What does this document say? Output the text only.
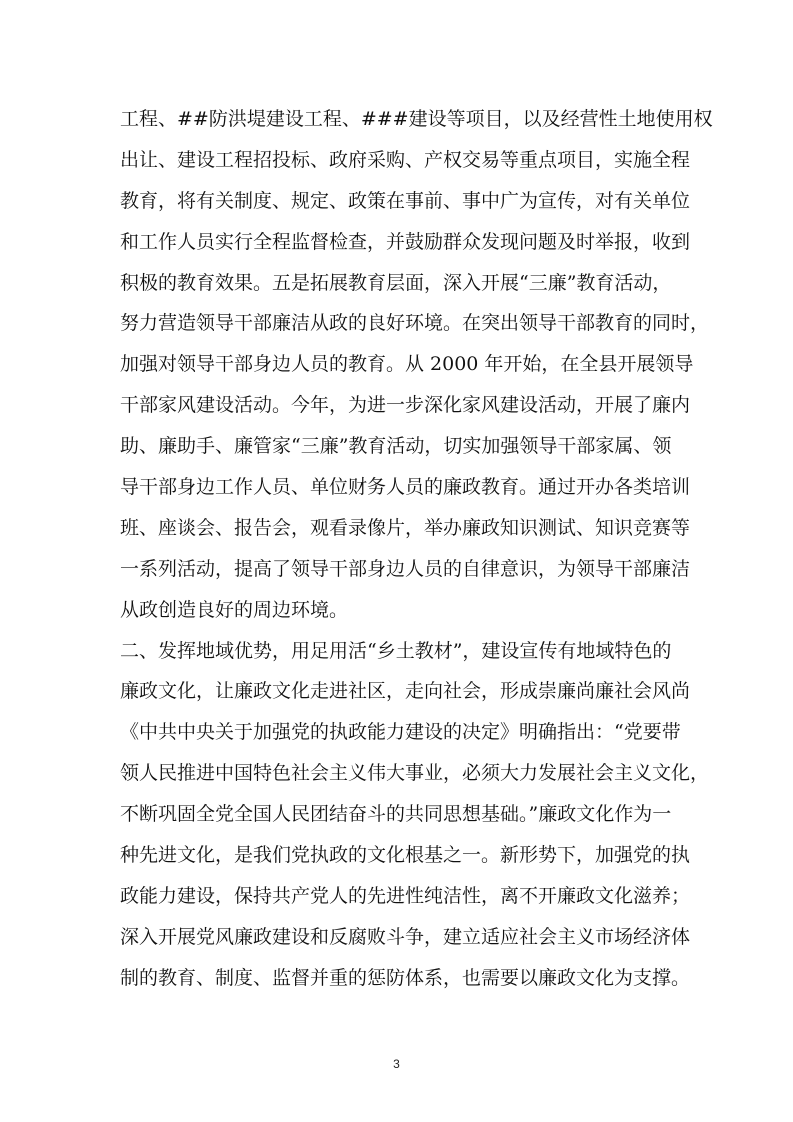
工程、##防洪堤建设工程、###建设等项目，以及经营性土地使用权
出让、建设工程招投标、政府采购、产权交易等重点项目，实施全程
教育，将有关制度、规定、政策在事前、事中广为宣传，对有关单位
和工作人员实行全程监督检查，并鼓励群众发现问题及时举报，收到
积极的教育效果。五是拓展教育层面，深入开展“三廉”教育活动，
努力营造领导干部廉洁从政的良好环境。在突出领导干部教育的同时，
加强对领导干部身边人员的教育。从 2000 年开始，在全县开展领导
干部家风建设活动。今年，为进一步深化家风建设活动，开展了廉内
助、廉助手、廉管家“三廉”教育活动，切实加强领导干部家属、领
导干部身边工作人员、单位财务人员的廉政教育。通过开办各类培训
班、座谈会、报告会，观看录像片，举办廉政知识测试、知识竞赛等
一系列活动，提高了领导干部身边人员的自律意识，为领导干部廉洁
从政创造良好的周边环境。
二、发挥地域优势，用足用活“乡土教材”，建设宣传有地域特色的
廉政文化，让廉政文化走进社区，走向社会，形成崇廉尚廉社会风尚
《中共中央关于加强党的执政能力建设的决定》明确指出：“党要带
领人民推进中国特色社会主义伟大事业，必须大力发展社会主义文化，
不断巩固全党全国人民团结奋斗的共同思想基础。”廉政文化作为一
种先进文化，是我们党执政的文化根基之一。新形势下，加强党的执
政能力建设，保持共产党人的先进性纯洁性，离不开廉政文化滋养；
深入开展党风廉政建设和反腐败斗争，建立适应社会主义市场经济体
制的教育、制度、监督并重的惩防体系，也需要以廉政文化为支撑。
3
